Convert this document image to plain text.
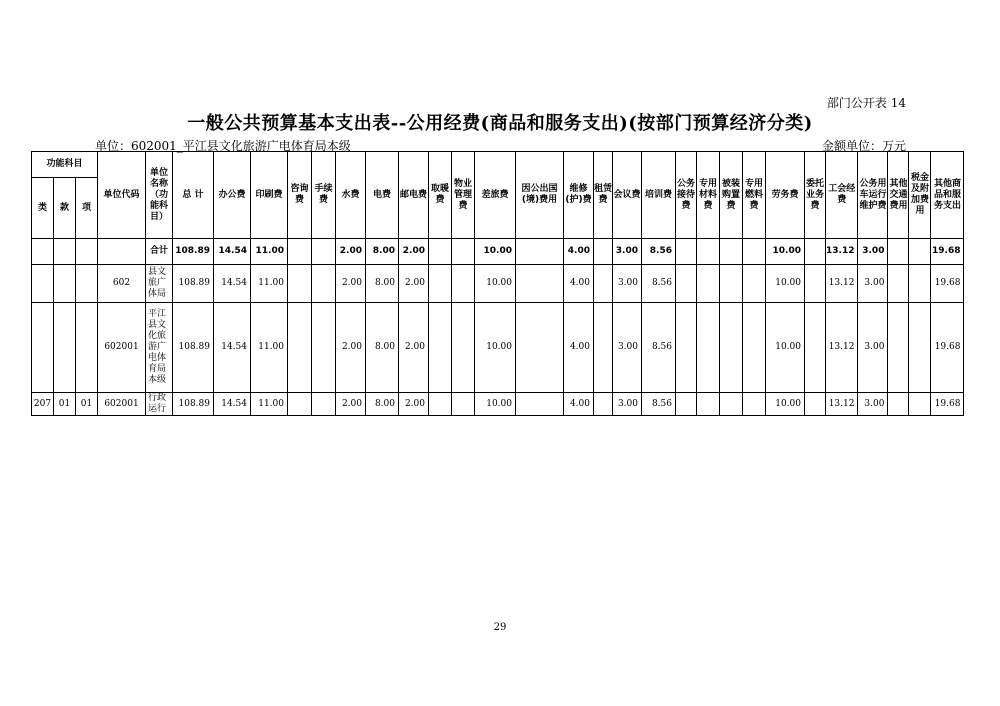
部门公开表 14
一般公共预算基本支出表--公用经费(商品和服务支出)(按部门预算经济分类)
单位：602001_平江县文化旅游广电体育局本级	金额单位：万元
功能科目			单位代码	单位名称（功能科目）	总 计	办公费	印刷费	咨询费	手续费	水费	电费	邮电费	取暖费	物业管理费	差旅费	因公出国(境)费用	维修(护)费	租赁费	会议费	培训费	公务接待费	专用材料费	被装购置费	专用燃料费	劳务费	委托业务费	工会经费	公务用车运行维护费	其他交通费用	税金及附加费用	其他商品和服务支出
类	款	项																													
				合计	108.89	14.54	11.00			2.00	8.00	2.00			10.00		4.00		3.00	8.56					10.00		13.12	3.00			19.68
			602	县文旅广体局	108.89	14.54	11.00			2.00	8.00	2.00			10.00		4.00		3.00	8.56					10.00		13.12	3.00			19.68
			602001	平江县文化旅游广电体育局本级	108.89	14.54	11.00			2.00	8.00	2.00			10.00		4.00		3.00	8.56					10.00		13.12	3.00			19.68
207	01	01	602001	行政运行	108.89	14.54	11.00			2.00	8.00	2.00			10.00		4.00		3.00	8.56					10.00		13.12	3.00			19.68
29
